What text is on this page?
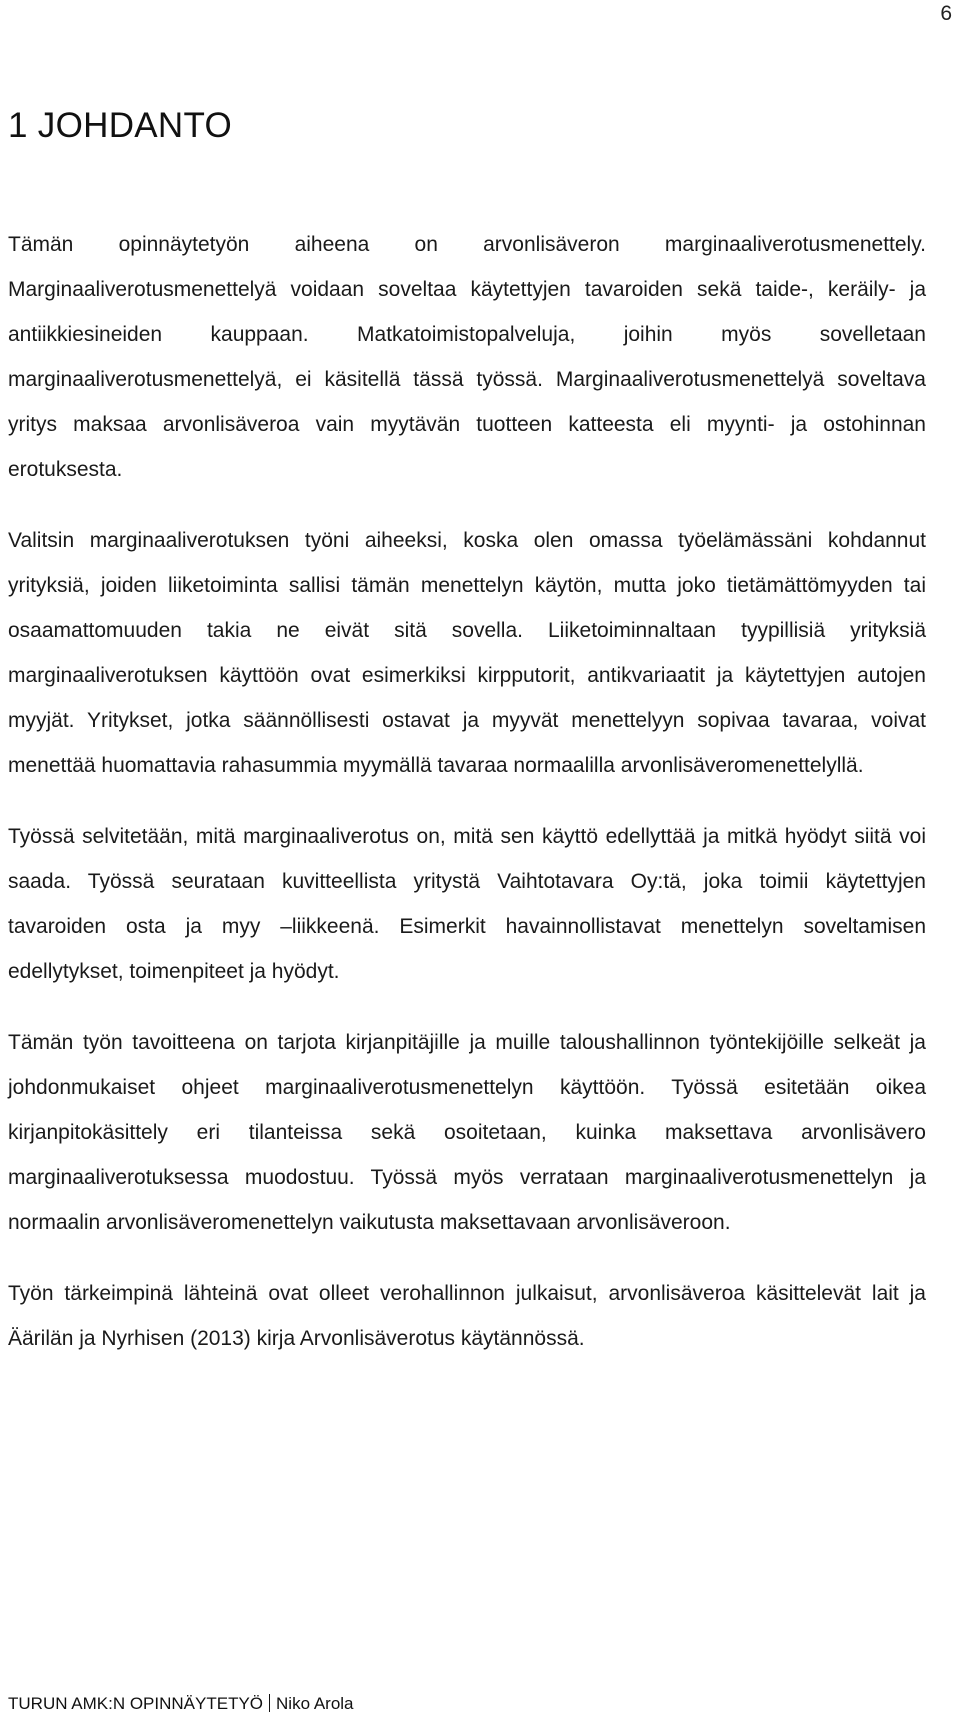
6
1 JOHDANTO

Tämän opinnäytetyön aiheena on arvonlisäveron marginaaliverotusmenettely. Marginaaliverotusmenettelyä voidaan soveltaa käytettyjen tavaroiden sekä taide-, keräily- ja antiikkiesineiden kauppaan. Matkatoimistopalveluja, joihin myös sovelletaan marginaaliverotusmenettelyä, ei käsitellä tässä työssä. Marginaaliverotusmenettelyä soveltava yritys maksaa arvonlisäveroa vain myytävän tuotteen katteesta eli myynti- ja ostohinnan erotuksesta.

Valitsin marginaaliverotuksen työni aiheeksi, koska olen omassa työelämässäni kohdannut yrityksiä, joiden liiketoiminta sallisi tämän menettelyn käytön, mutta joko tietämättömyyden tai osaamattomuuden takia ne eivät sitä sovella. Liiketoiminnaltaan tyypillisiä yrityksiä marginaaliverotuksen käyttöön ovat esimerkiksi kirpputorit, antikvariaatit ja käytettyjen autojen myyjät. Yritykset, jotka säännöllisesti ostavat ja myyvät menettelyyn sopivaa tavaraa, voivat menettää huomattavia rahasummia myymällä tavaraa normaalilla arvonlisäveromenettelyllä.

Työssä selvitetään, mitä marginaaliverotus on, mitä sen käyttö edellyttää ja mitkä hyödyt siitä voi saada. Työssä seurataan kuvitteellista yritystä Vaihtotavara Oy:tä, joka toimii käytettyjen tavaroiden osta ja myy –liikkeenä. Esimerkit havainnollistavat menettelyn soveltamisen edellytykset, toimenpiteet ja hyödyt.

Tämän työn tavoitteena on tarjota kirjanpitäjille ja muille taloushallinnon työntekijöille selkeät ja johdonmukaiset ohjeet marginaaliverotusmenettelyn käyttöön. Työssä esitetään oikea kirjanpitokäsittely eri tilanteissa sekä osoitetaan, kuinka maksettava arvonlisävero marginaaliverotuksessa muodostuu. Työssä myös verrataan marginaaliverotusmenettelyn ja normaalin arvonlisäveromenettelyn vaikutusta maksettavaan arvonlisäveroon.

Työn tärkeimpinä lähteinä ovat olleet verohallinnon julkaisut, arvonlisäveroa käsittelevät lait ja Äärilän ja Nyrhisen (2013) kirja Arvonlisäverotus käytännössä.

TURUN AMK:N OPINNÄYTETYÖ Niko Arola
